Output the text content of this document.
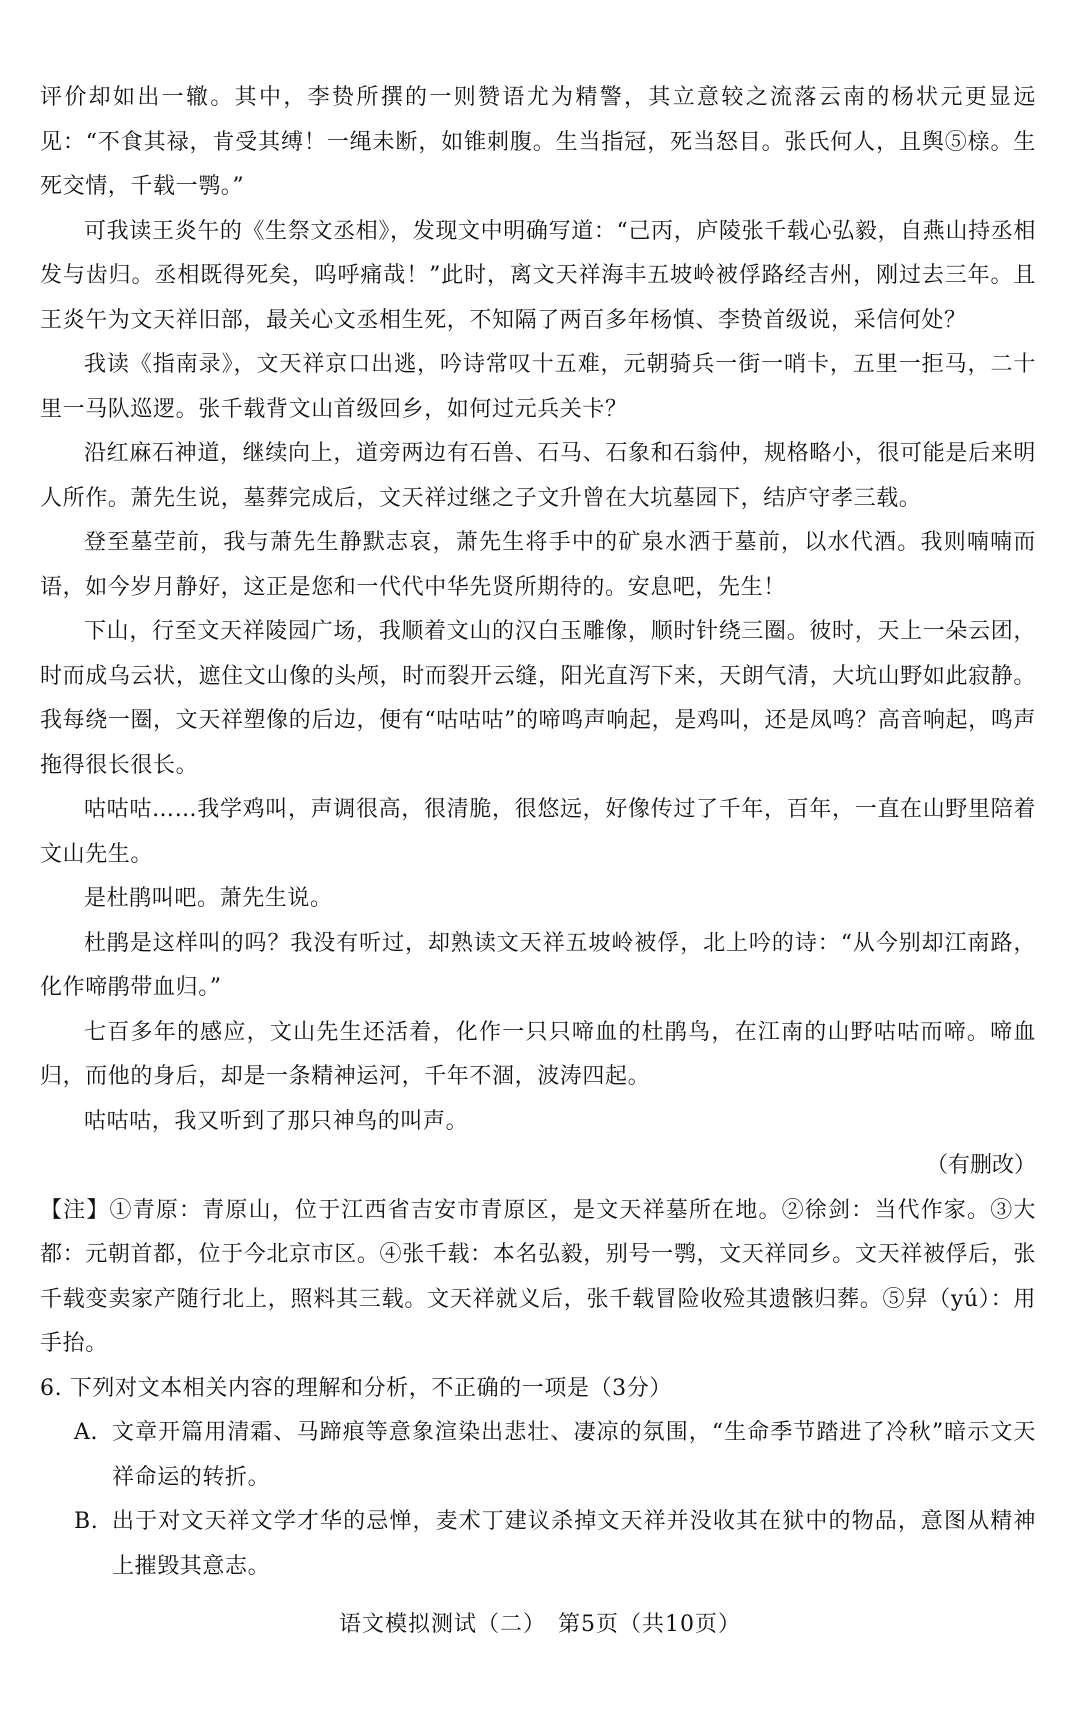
评价却如出一辙。其中，李贽所撰的一则赞语尤为精警，其立意较之流落云南的杨状元更显远见：“不食其禄，肯受其缚！一绳未断，如锥刺腹。生当指冠，死当怒目。张氏何人，且舆⑤榇。生死交情，千载一鹗。”

可我读王炎午的《生祭文丞相》，发现文中明确写道：“己丙，庐陵张千载心弘毅，自燕山持丞相发与齿归。丞相既得死矣，呜呼痛哉！”此时，离文天祥海丰五坡岭被俘路经吉州，刚过去三年。且王炎午为文天祥旧部，最关心文丞相生死，不知隔了两百多年杨慎、李贽首级说，采信何处？

我读《指南录》，文天祥京口出逃，吟诗常叹十五难，元朝骑兵一街一哨卡，五里一拒马，二十里一马队巡逻。张千载背文山首级回乡，如何过元兵关卡？

沿红麻石神道，继续向上，道旁两边有石兽、石马、石象和石翁仲，规格略小，很可能是后来明人所作。萧先生说，墓葬完成后，文天祥过继之子文升曾在大坑墓园下，结庐守孝三载。

登至墓茔前，我与萧先生静默志哀，萧先生将手中的矿泉水洒于墓前，以水代酒。我则喃喃而语，如今岁月静好，这正是您和一代代中华先贤所期待的。安息吧，先生！

下山，行至文天祥陵园广场，我顺着文山的汉白玉雕像，顺时针绕三圈。彼时，天上一朵云团，时而成乌云状，遮住文山像的头颅，时而裂开云缝，阳光直泻下来，天朗气清，大坑山野如此寂静。我每绕一圈，文天祥塑像的后边，便有“咕咕咕”的啼鸣声响起，是鸡叫，还是凤鸣？高音响起，鸣声拖得很长很长。

咕咕咕……我学鸡叫，声调很高，很清脆，很悠远，好像传过了千年，百年，一直在山野里陪着文山先生。

是杜鹃叫吧。萧先生说。

杜鹃是这样叫的吗？我没有听过，却熟读文天祥五坡岭被俘，北上吟的诗：“从今别却江南路，化作啼鹃带血归。”

七百多年的感应，文山先生还活着，化作一只只啼血的杜鹃鸟，在江南的山野咕咕而啼。啼血归，而他的身后，却是一条精神运河，千年不涸，波涛四起。

咕咕咕，我又听到了那只神鸟的叫声。

（有删改）

【注】①青原：青原山，位于江西省吉安市青原区，是文天祥墓所在地。②徐剑：当代作家。③大都：元朝首都，位于今北京市区。④张千载：本名弘毅，别号一鹗，文天祥同乡。文天祥被俘后，张千载变卖家产随行北上，照料其三载。文天祥就义后，张千载冒险收殓其遗骸归葬。⑤舁（yú）：用手抬。

6. 下列对文本相关内容的理解和分析，不正确的一项是（3分）

A. 文章开篇用清霜、马蹄痕等意象渲染出悲壮、凄凉的氛围，“生命季节踏进了冷秋”暗示文天祥命运的转折。
B. 出于对文天祥文学才华的忌惮，麦术丁建议杀掉文天祥并没收其在狱中的物品，意图从精神上摧毁其意志。
语文模拟测试（二）　第5页（共10页）
